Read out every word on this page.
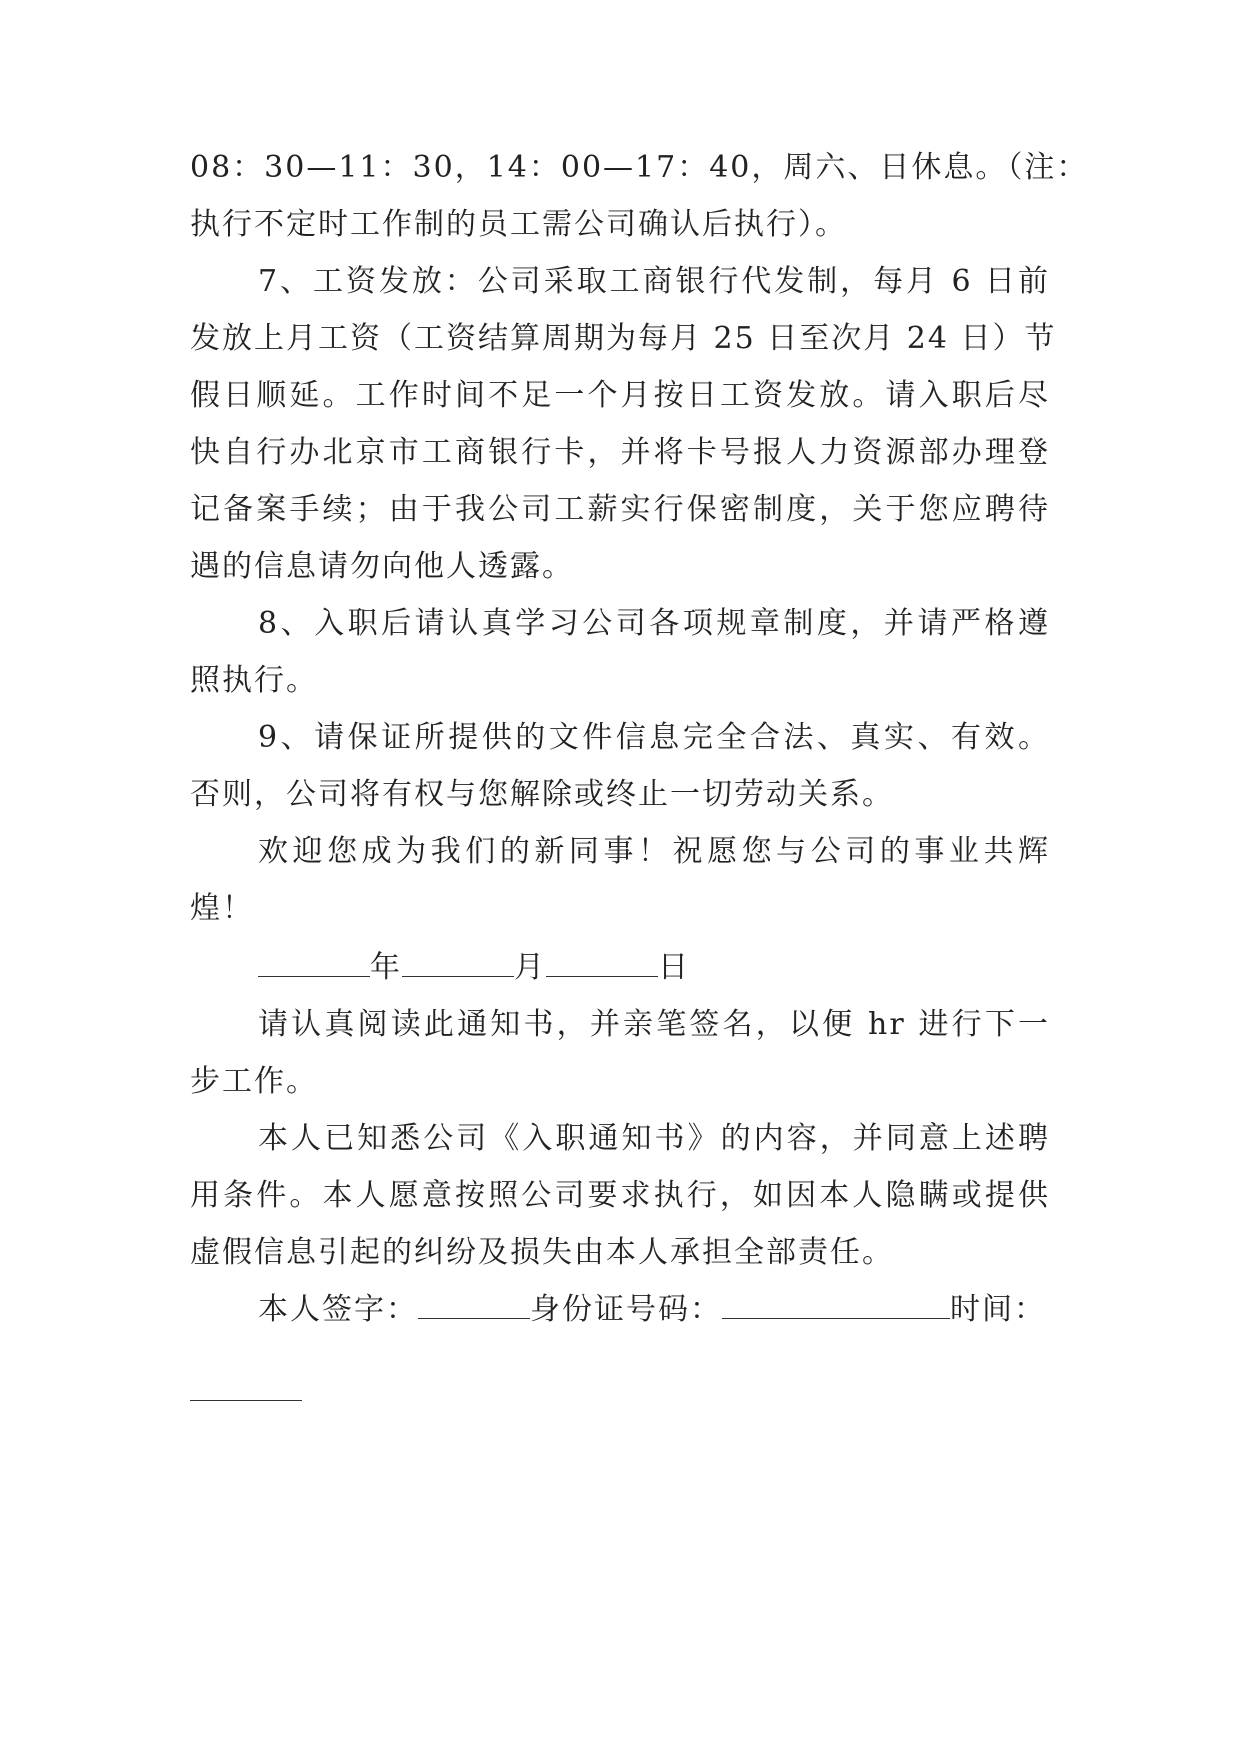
08：30—11：30，14：00—17：40，周六、日休息。（注：
执行不定时工作制的员工需公司确认后执行）。
7、工资发放：公司采取工商银行代发制，每月 6 日前
发放上月工资（工资结算周期为每月 25 日至次月 24 日）节
假日顺延。工作时间不足一个月按日工资发放。请入职后尽
快自行办北京市工商银行卡，并将卡号报人力资源部办理登
记备案手续；由于我公司工薪实行保密制度，关于您应聘待
遇的信息请勿向他人透露。
8、入职后请认真学习公司各项规章制度，并请严格遵
照执行。
9、请保证所提供的文件信息完全合法、真实、有效。
否则，公司将有权与您解除或终止一切劳动关系。
欢迎您成为我们的新同事！祝愿您与公司的事业共辉
煌！
年	月	日
请认真阅读此通知书，并亲笔签名，以便 hr 进行下一
步工作。
本人已知悉公司《入职通知书》的内容，并同意上述聘
用条件。本人愿意按照公司要求执行，如因本人隐瞒或提供
虚假信息引起的纠纷及损失由本人承担全部责任。
本人签字：	身份证号码：	时间：
